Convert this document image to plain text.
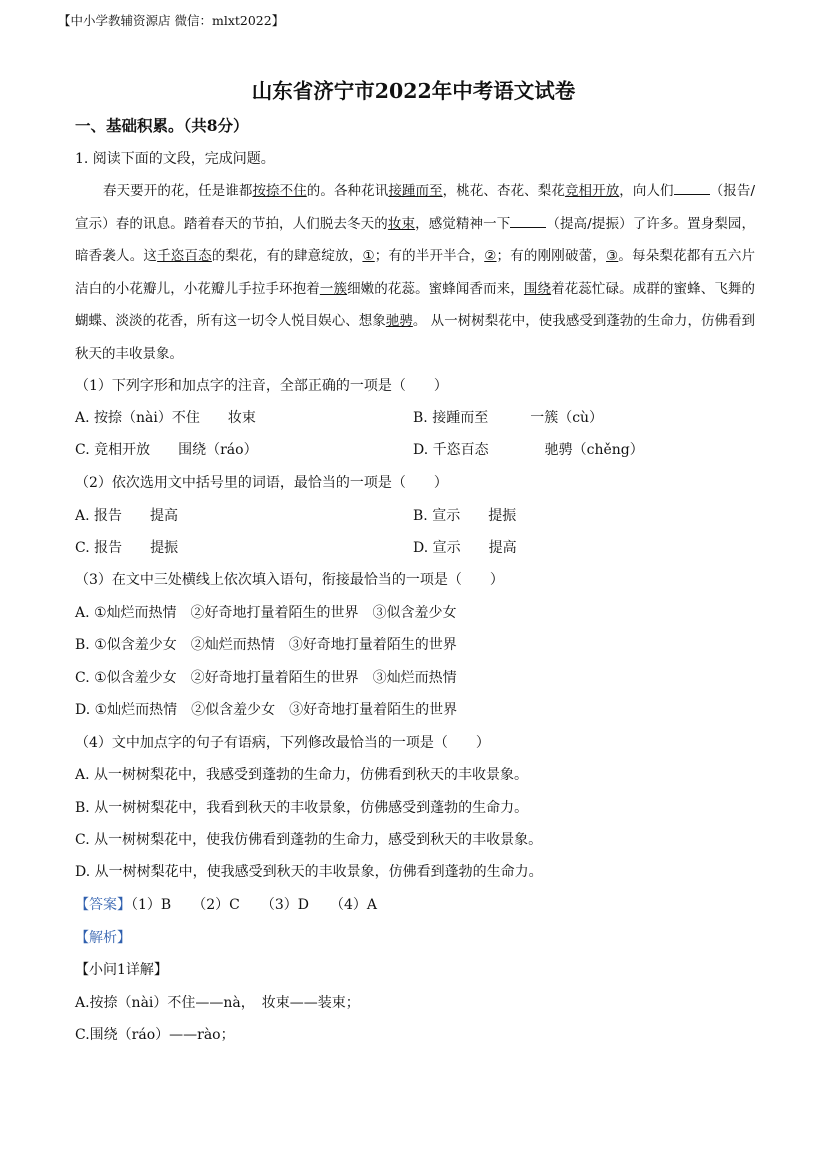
【中小学教辅资源店 微信：mlxt2022】
山东省济宁市2022年中考语文试卷
一、基础积累。（共8分）
1. 阅读下面的文段，完成问题。
春天要开的花，任是谁都按捺不住的。各种花讯接踵而至，桃花、杏花、梨花竞相开放，向人们	（报告/宣示）春的讯息。踏着春天的节拍，人们脱去冬天的妆束，感觉精神一下	（提高/提振）了许多。置身梨园，暗香袭人。这千恣百态的梨花，有的肆意绽放，①；有的半开半合，②；有的刚刚破蕾，③。每朵梨花都有五六片洁白的小花瓣儿，小花瓣儿手拉手环抱着一簇细嫩的花蕊。蜜蜂闻香而来，围绕着花蕊忙碌。成群的蜜蜂、飞舞的蝴蝶、淡淡的花香，所有这一切令人悦目娱心、想象驰骋。 从一树树梨花中，使我感受到蓬勃的生命力，仿佛看到秋天的丰收景象。
（1）下列字形和加点字的注音，全部正确的一项是（　　）
A. 按捺（nài）不住　　妆束	B. 接踵而至　　　一簇（cù）
C. 竞相开放　　围绕（ráo）	D. 千恣百态　　　　驰骋（chěng）
（2）依次选用文中括号里的词语，最恰当的一项是（　　）
A. 报告　　提高	B. 宣示　　提振
C. 报告　　提振	D. 宣示　　提高
（3）在文中三处横线上依次填入语句，衔接最恰当的一项是（　　）
A. ①灿烂而热情　②好奇地打量着陌生的世界　③似含羞少女
B. ①似含羞少女　②灿烂而热情　③好奇地打量着陌生的世界
C. ①似含羞少女　②好奇地打量着陌生的世界　③灿烂而热情
D. ①灿烂而热情　②似含羞少女　③好奇地打量着陌生的世界
（4）文中加点字的句子有语病，下列修改最恰当的一项是（　　）
A. 从一树树梨花中，我感受到蓬勃的生命力，仿佛看到秋天的丰收景象。
B. 从一树树梨花中，我看到秋天的丰收景象，仿佛感受到蓬勃的生命力。
C. 从一树树梨花中，使我仿佛看到蓬勃的生命力，感受到秋天的丰收景象。
D. 从一树树梨花中，使我感受到秋天的丰收景象，仿佛看到蓬勃的生命力。
【答案】（1）B　　（2）C　　（3）D　　（4）A
【解析】
【小问1详解】
A.按捺（nài）不住——nà，　妆束——装束；
C.围绕（ráo）——rào；
